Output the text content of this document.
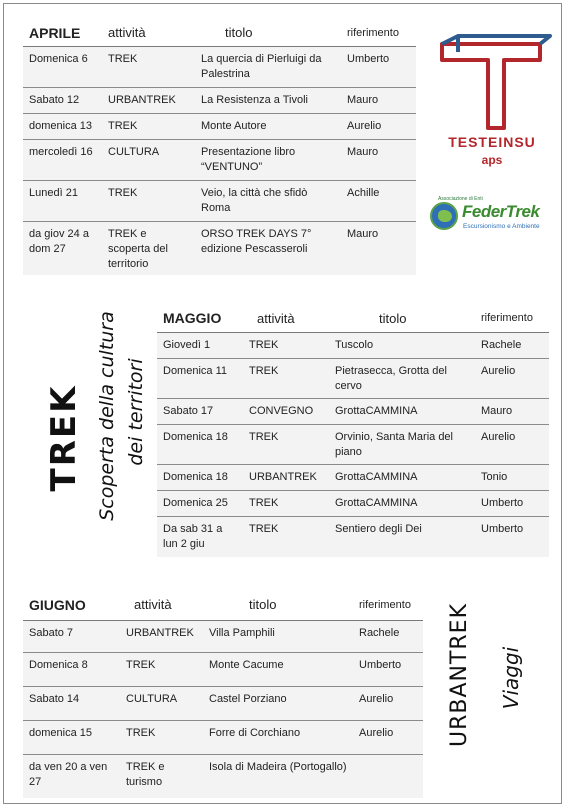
APRILE	attività	titolo	riferimento
Domenica 6	TREK	La quercia di Pierluigi da Palestrina	Umberto
Sabato 12	URBANTREK	La Resistenza a Tivoli	Mauro
domenica 13	TREK	Monte Autore	Aurelio
mercoledì 16	CULTURA	Presentazione libro “VENTUNO”	Mauro
Lunedì 21	TREK	Veio, la città che sfidò Roma	Achille
da giov 24 a dom 27	TREK e scoperta del territorio	ORSO TREK DAYS 7° edizione Pescasseroli	Mauro
TESTEINSU
aps
Associazione di Enti
FederTrek
Escursionismo e Ambiente
TREK Scoperta della cultura dei territori
MAGGIO	attività	titolo	riferimento
Giovedì 1	TREK	Tuscolo	Rachele
Domenica 11	TREK	Pietrasecca, Grotta del cervo	Aurelio
Sabato 17	CONVEGNO	GrottaCAMMINA	Mauro
Domenica 18	TREK	Orvinio, Santa Maria del piano	Aurelio
Domenica 18	URBANTREK	GrottaCAMMINA	Tonio
Domenica 25	TREK	GrottaCAMMINA	Umberto
Da sab 31 a lun 2 giu	TREK	Sentiero degli Dei	Umberto
GIUGNO	attività	titolo	riferimento
Sabato 7	URBANTREK	Villa Pamphili	Rachele
Domenica 8	TREK	Monte Cacume	Umberto
Sabato 14	CULTURA	Castel Porziano	Aurelio
domenica 15	TREK	Forre di Corchiano	Aurelio
da ven 20 a ven 27	TREK e turismo	Isola di Madeira (Portogallo)	
URBANTREK Viaggi
